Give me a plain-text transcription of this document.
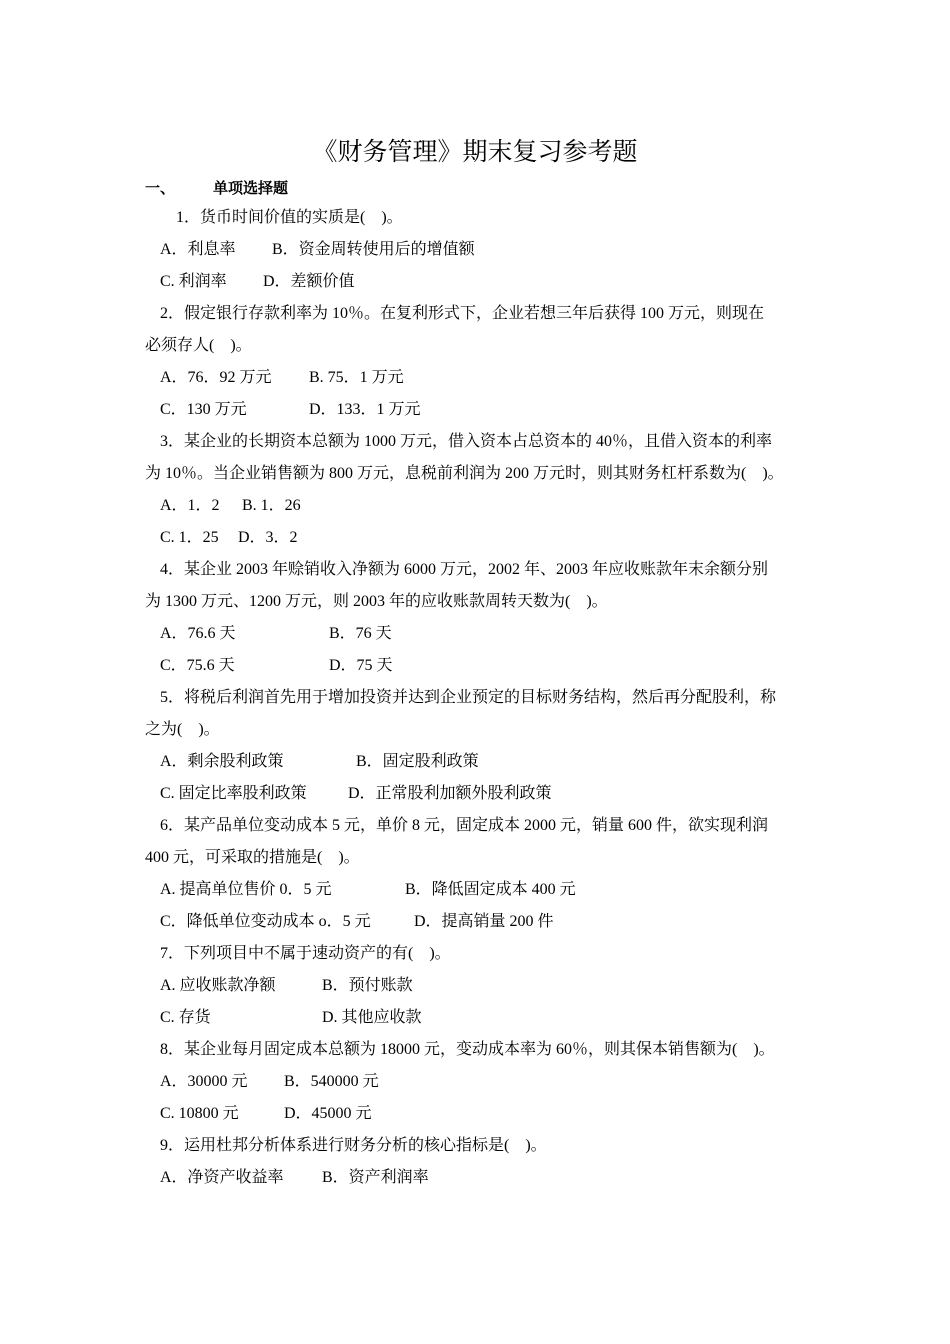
《财务管理》期末复习参考题
一、	单项选择题
1．货币时间价值的实质是(　)。
A．利息率 B．资金周转使用后的增值额
C. 利润率 D．差额价值
2．假定银行存款利率为 10％。在复利形式下，企业若想三年后获得 100 万元，则现在
必须存人(　)。
A．76．92 万元 B. 75．1 万元
C．130 万元	D．133．1 万元
3．某企业的长期资本总额为 1000 万元，借入资本占总资本的 40％，且借入资本的利率
为 10％。当企业销售额为 800 万元，息税前利润为 200 万元时，则其财务杠杆系数为(　)。
A．1．2 B. 1．26
C. 1．25 D．3．2
4．某企业 2003 年赊销收入净额为 6000 万元，2002 年、2003 年应收账款年末余额分别
为 1300 万元、1200 万元，则 2003 年的应收账款周转天数为(　)。
A．76.6 天	B．76 天
C．75.6 天	D．75 天
5．将税后利润首先用于增加投资并达到企业预定的目标财务结构，然后再分配股利，称
之为(　)。
A．剩余股利政策	B．固定股利政策
C. 固定比率股利政策	D．正常股利加额外股利政策
6．某产品单位变动成本 5 元，单价 8 元，固定成本 2000 元，销量 600 件，欲实现利润
400 元，可采取的措施是(　)。
A. 提高单位售价 0．5 元	B．降低固定成本 400 元
C．降低单位变动成本 o．5 元	D．提高销量 200 件
7．下列项目中不属于速动资产的有(　)。
A. 应收账款净额	B．预付账款
C. 存货	D. 其他应收款
8．某企业每月固定成本总额为 18000 元，变动成本率为 60％，则其保本销售额为(　)。
A．30000 元 B．540000 元
C. 10800 元	D．45000 元
9．运用杜邦分析体系进行财务分析的核心指标是(　)。
A．净资产收益率 B．资产利润率
